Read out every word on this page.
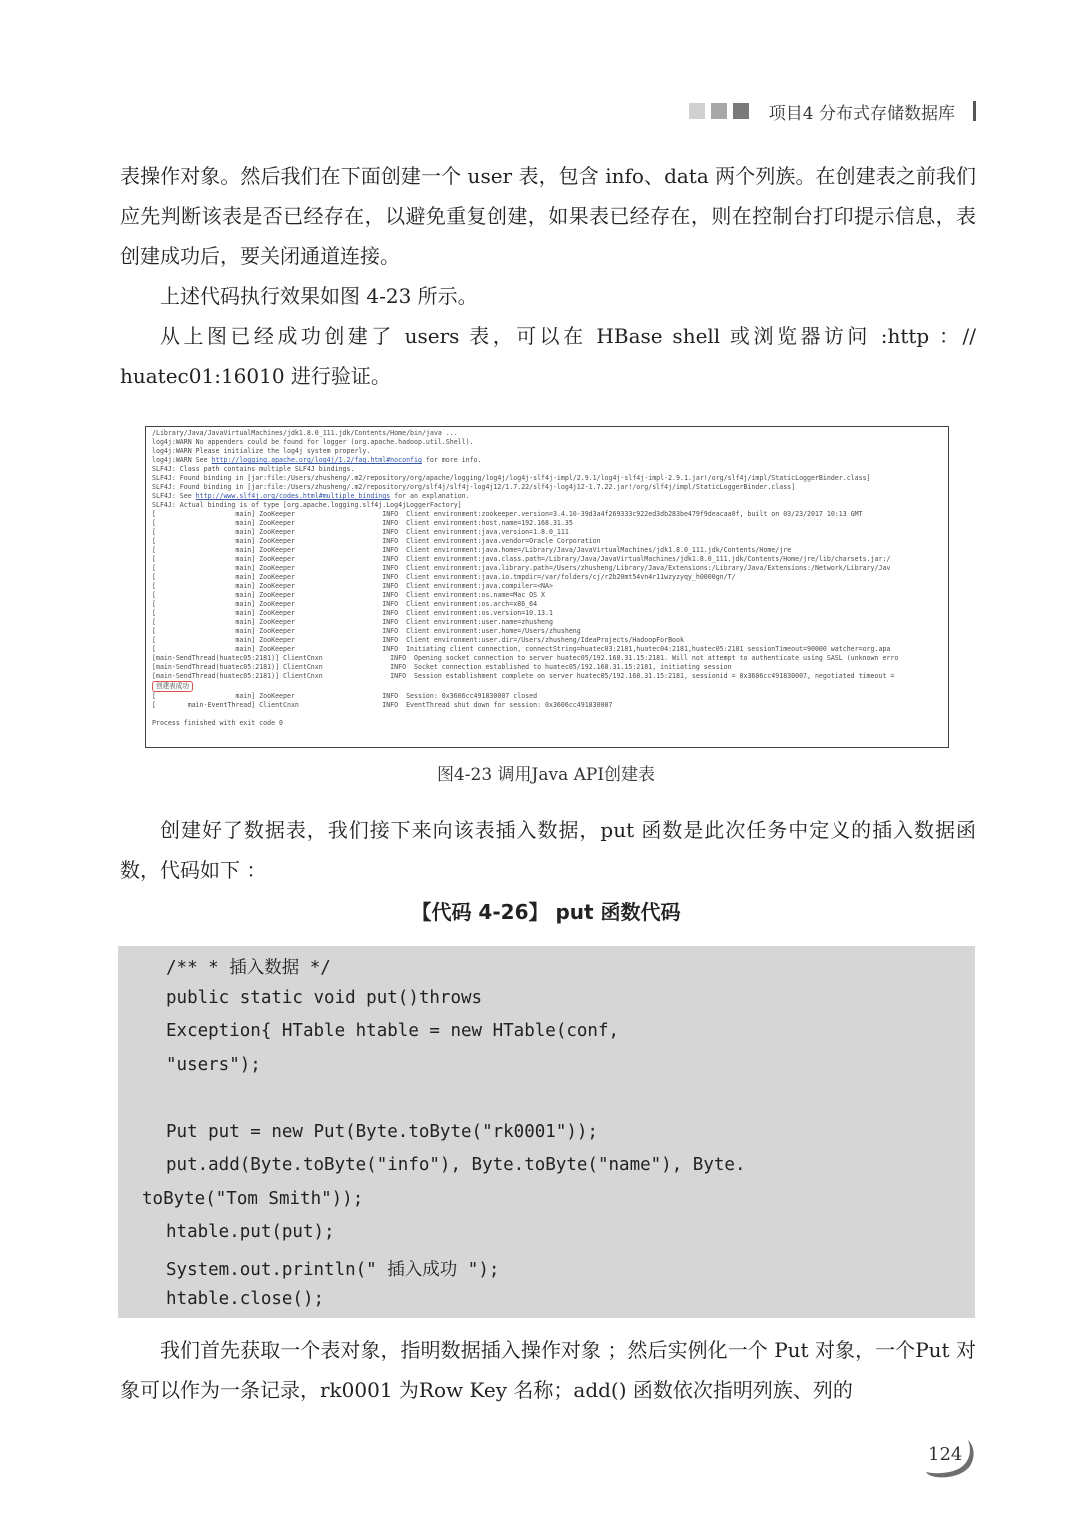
项目4 分布式存储数据库

表操作对象。然后我们在下面创建一个 user 表，包含 info、data 两个列族。在创建表之前我们应先判断该表是否已经存在，以避免重复创建，如果表已经存在，则在控制台打印提示信息，表创建成功后，要关闭通道连接。

上述代码执行效果如图 4-23 所示。

从上图已经成功创建了 users 表，可以在 HBase shell 或浏览器访问 :http ：// huatec01:16010 进行验证。

/Library/Java/JavaVirtualMachines/jdk1.8.0_111.jdk/Contents/Home/bin/java ...
log4j:WARN No appenders could be found for logger (org.apache.hadoop.util.Shell).
log4j:WARN Please initialize the log4j system properly.
log4j:WARN See http://logging.apache.org/log4j/1.2/faq.html#noconfig for more info.
SLF4J: Class path contains multiple SLF4J bindings.
SLF4J: Found binding in [jar:file:/Users/zhusheng/.m2/repository/org/apache/logging/log4j/log4j-slf4j-impl/2.9.1/log4j-slf4j-impl-2.9.1.jar!/org/slf4j/impl/StaticLoggerBinder.class]
SLF4J: Found binding in [jar:file:/Users/zhusheng/.m2/repository/org/slf4j/slf4j-log4j12/1.7.22/slf4j-log4j12-1.7.22.jar!/org/slf4j/impl/StaticLoggerBinder.class]
SLF4J: See http://www.slf4j.org/codes.html#multiple_bindings for an explanation.
SLF4J: Actual binding is of type [org.apache.logging.slf4j.Log4jLoggerFactory]
[                    main] ZooKeeper                      INFO  Client environment:zookeeper.version=3.4.10-39d3a4f269333c922ed3db283be479f9deacaa0f, built on 03/23/2017 10:13 GMT
[                    main] ZooKeeper                      INFO  Client environment:host.name=192.168.31.35
[                    main] ZooKeeper                      INFO  Client environment:java.version=1.8.0_111
[                    main] ZooKeeper                      INFO  Client environment:java.vendor=Oracle Corporation
[                    main] ZooKeeper                      INFO  Client environment:java.home=/Library/Java/JavaVirtualMachines/jdk1.8.0_111.jdk/Contents/Home/jre
[                    main] ZooKeeper                      INFO  Client environment:java.class.path=/Library/Java/JavaVirtualMachines/jdk1.8.0_111.jdk/Contents/Home/jre/lib/charsets.jar:/
[                    main] ZooKeeper                      INFO  Client environment:java.library.path=/Users/zhusheng/Library/Java/Extensions:/Library/Java/Extensions:/Network/Library/Jav
[                    main] ZooKeeper                      INFO  Client environment:java.io.tmpdir=/var/folders/cj/r2b20mt54vn4r11wzyzyqy_h0000gn/T/
[                    main] ZooKeeper                      INFO  Client environment:java.compiler=<NA>
[                    main] ZooKeeper                      INFO  Client environment:os.name=Mac OS X
[                    main] ZooKeeper                      INFO  Client environment:os.arch=x86_64
[                    main] ZooKeeper                      INFO  Client environment:os.version=10.13.1
[                    main] ZooKeeper                      INFO  Client environment:user.name=zhusheng
[                    main] ZooKeeper                      INFO  Client environment:user.home=/Users/zhusheng
[                    main] ZooKeeper                      INFO  Client environment:user.dir=/Users/zhusheng/IdeaProjects/HadoopForBook
[                    main] ZooKeeper                      INFO  Initiating client connection, connectString=huatec03:2181,huatec04:2181,huatec05:2181 sessionTimeout=90000 watcher=org.apa
[main-SendThread(huatec05:2181)] ClientCnxn                 INFO  Opening socket connection to server huatec05/192.168.31.15:2181. Will not attempt to authenticate using SASL (unknown erro
[main-SendThread(huatec05:2181)] ClientCnxn                 INFO  Socket connection established to huatec05/192.168.31.15:2181, initiating session
[main-SendThread(huatec05:2181)] ClientCnxn                 INFO  Session establishment complete on server huatec05/192.168.31.15:2181, sessionid = 0x3606cc491830007, negotiated timeout =
创建表成功
[                    main] ZooKeeper                      INFO  Session: 0x3606cc491830007 closed
[        main-EventThread] ClientCnxn                     INFO  EventThread shut down for session: 0x3606cc491830007
Process finished with exit code 0
图4-23 调用Java API创建表

创建好了数据表，我们接下来向该表插入数据，put 函数是此次任务中定义的插入数据函数，代码如下 ：

【代码 4-26】 put 函数代码
/** * 插入数据 */
public static void put()throws
Exception{ HTable htable = new HTable(conf,
"users");
Put put = new Put(Byte.toByte("rk0001"));
put.add(Byte.toByte("info"), Byte.toByte("name"), Byte.
toByte("Tom Smith"));
htable.put(put);
System.out.println(" 插入成功 ");
htable.close();

我们首先获取一个表对象，指明数据插入操作对象 ；然后实例化一个 Put 对象，一个Put 对象可以作为一条记录，rk0001 为Row Key 名称；add() 函数依次指明列族、列的

124
